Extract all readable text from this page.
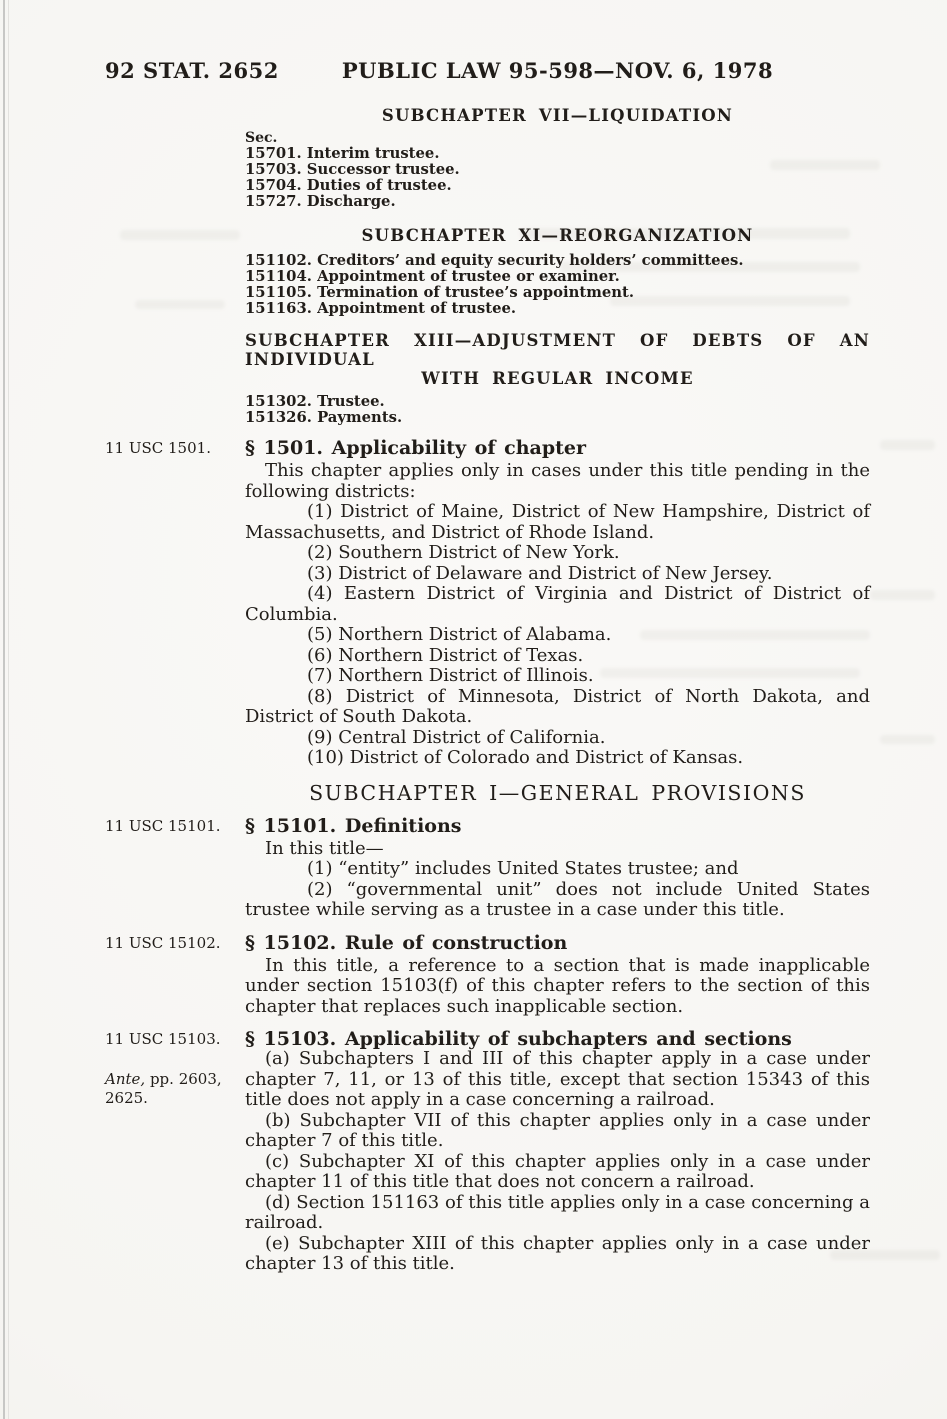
92 STAT. 2652	PUBLIC LAW 95-598—NOV. 6, 1978
SUBCHAPTER VII—LIQUIDATION
Sec.
15701. Interim trustee.
15703. Successor trustee.
15704. Duties of trustee.
15727. Discharge.
SUBCHAPTER XI—REORGANIZATION
151102. Creditors’ and equity security holders’ committees.
151104. Appointment of trustee or examiner.
151105. Termination of trustee’s appointment.
151163. Appointment of trustee.
SUBCHAPTER XIII—ADJUSTMENT OF DEBTS OF AN INDIVIDUAL
WITH REGULAR INCOME
151302. Trustee.
151326. Payments.
11 USC 1501.	§ 1501. Applicability of chapter

This chapter applies only in cases under this title pending in the following districts:

(1) District of Maine, District of New Hampshire, District of Massachusetts, and District of Rhode Island.

(2) Southern District of New York.

(3) District of Delaware and District of New Jersey.

(4) Eastern District of Virginia and District of District of Columbia.

(5) Northern District of Alabama.

(6) Northern District of Texas.

(7) Northern District of Illinois.

(8) District of Minnesota, District of North Dakota, and District of South Dakota.

(9) Central District of California.

(10) District of Colorado and District of Kansas.

SUBCHAPTER I—GENERAL PROVISIONS
11 USC 15101.	§ 15101. Definitions

In this title—

(1) “entity” includes United States trustee; and

(2) “governmental unit” does not include United States trustee while serving as a trustee in a case under this title.

11 USC 15102.	§ 15102. Rule of construction

In this title, a reference to a section that is made inapplicable under section 15103(f) of this chapter refers to the section of this chapter that replaces such inapplicable section.

11 USC 15103.	§ 15103. Applicability of subchapters and sections

Ante, pp. 2603,
2625.
(a) Subchapters I and III of this chapter apply in a case under chapter 7, 11, or 13 of this title, except that section 15343 of this title does not apply in a case concerning a railroad.

(b) Subchapter VII of this chapter applies only in a case under chapter 7 of this title.

(c) Subchapter XI of this chapter applies only in a case under chapter 11 of this title that does not concern a railroad.

(d) Section 151163 of this title applies only in a case concerning a railroad.

(e) Subchapter XIII of this chapter applies only in a case under chapter 13 of this title.
